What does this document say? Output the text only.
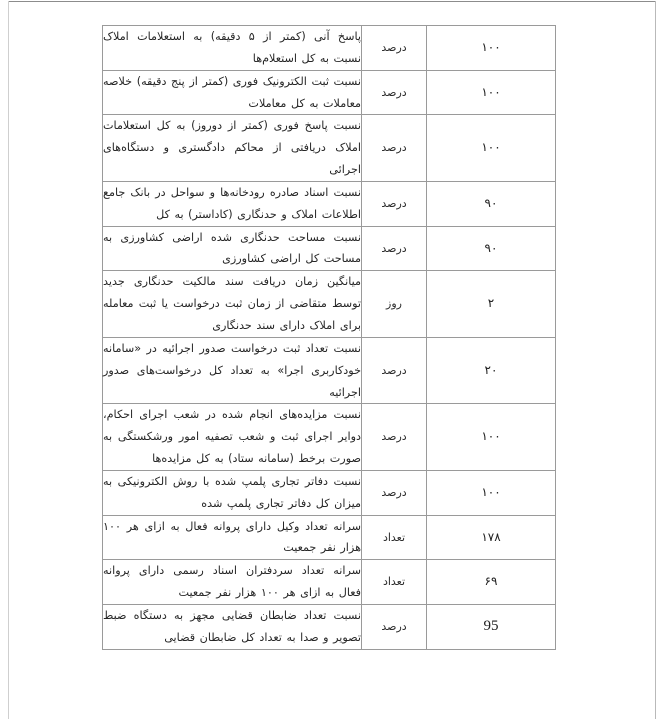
۱۰۰	درصد	پاسخ آنی (کمتر از ۵ دقیقه) به استعلامات املاک نسبت به کل استعلام‌ها
۱۰۰	درصد	نسبت ثبت الکترونیک فوری (کمتر از پنج دقیقه) خلاصه معاملات به کل معاملات
۱۰۰	درصد	نسبت پاسخ فوری (کمتر از دوروز) به کل استعلامات املاک دریافتی از محاکم دادگستری و دستگاه‌های اجرائی
۹۰	درصد	نسبت اسناد صادره رودخانه‌ها و سواحل در بانک جامع اطلاعات املاک و حدنگاری (کاداستر) به کل
۹۰	درصد	نسبت مساحت حدنگاری شده اراضی کشاورزی به مساحت کل اراضی کشاورزی
۲	روز	میانگین زمان دریافت سند مالکیت حدنگاری جدید توسط متقاضی از زمان ثبت درخواست یا ثبت معامله برای املاک دارای سند حدنگاری
۲۰	درصد	نسبت تعداد ثبت درخواست صدور اجرائیه در «سامانه خودکاربری اجرا» به تعداد کل درخواست‌های صدور اجرائیه
۱۰۰	درصد	نسبت مزایده‌های انجام شده در شعب اجرای احکام، دوایر اجرای ثبت و شعب تصفیه امور ورشکستگی به صورت برخط (سامانه ستاد) به کل مزایده‌ها
۱۰۰	درصد	نسبت دفاتر تجاری پلمپ شده با روش الکترونیکی به میزان کل دفاتر تجاری پلمپ شده
۱۷۸	تعداد	سرانه تعداد وکیل دارای پروانه فعال به ازای هر ۱۰۰ هزار نفر جمعیت
۶۹	تعداد	سرانه تعداد سردفتران اسناد رسمی دارای پروانه فعال به ازای هر ۱۰۰ هزار نفر جمعیت
95	درصد	نسبت تعداد ضابطان قضایی مجهز به دستگاه ضبط تصویر و صدا به تعداد کل ضابطان قضایی
